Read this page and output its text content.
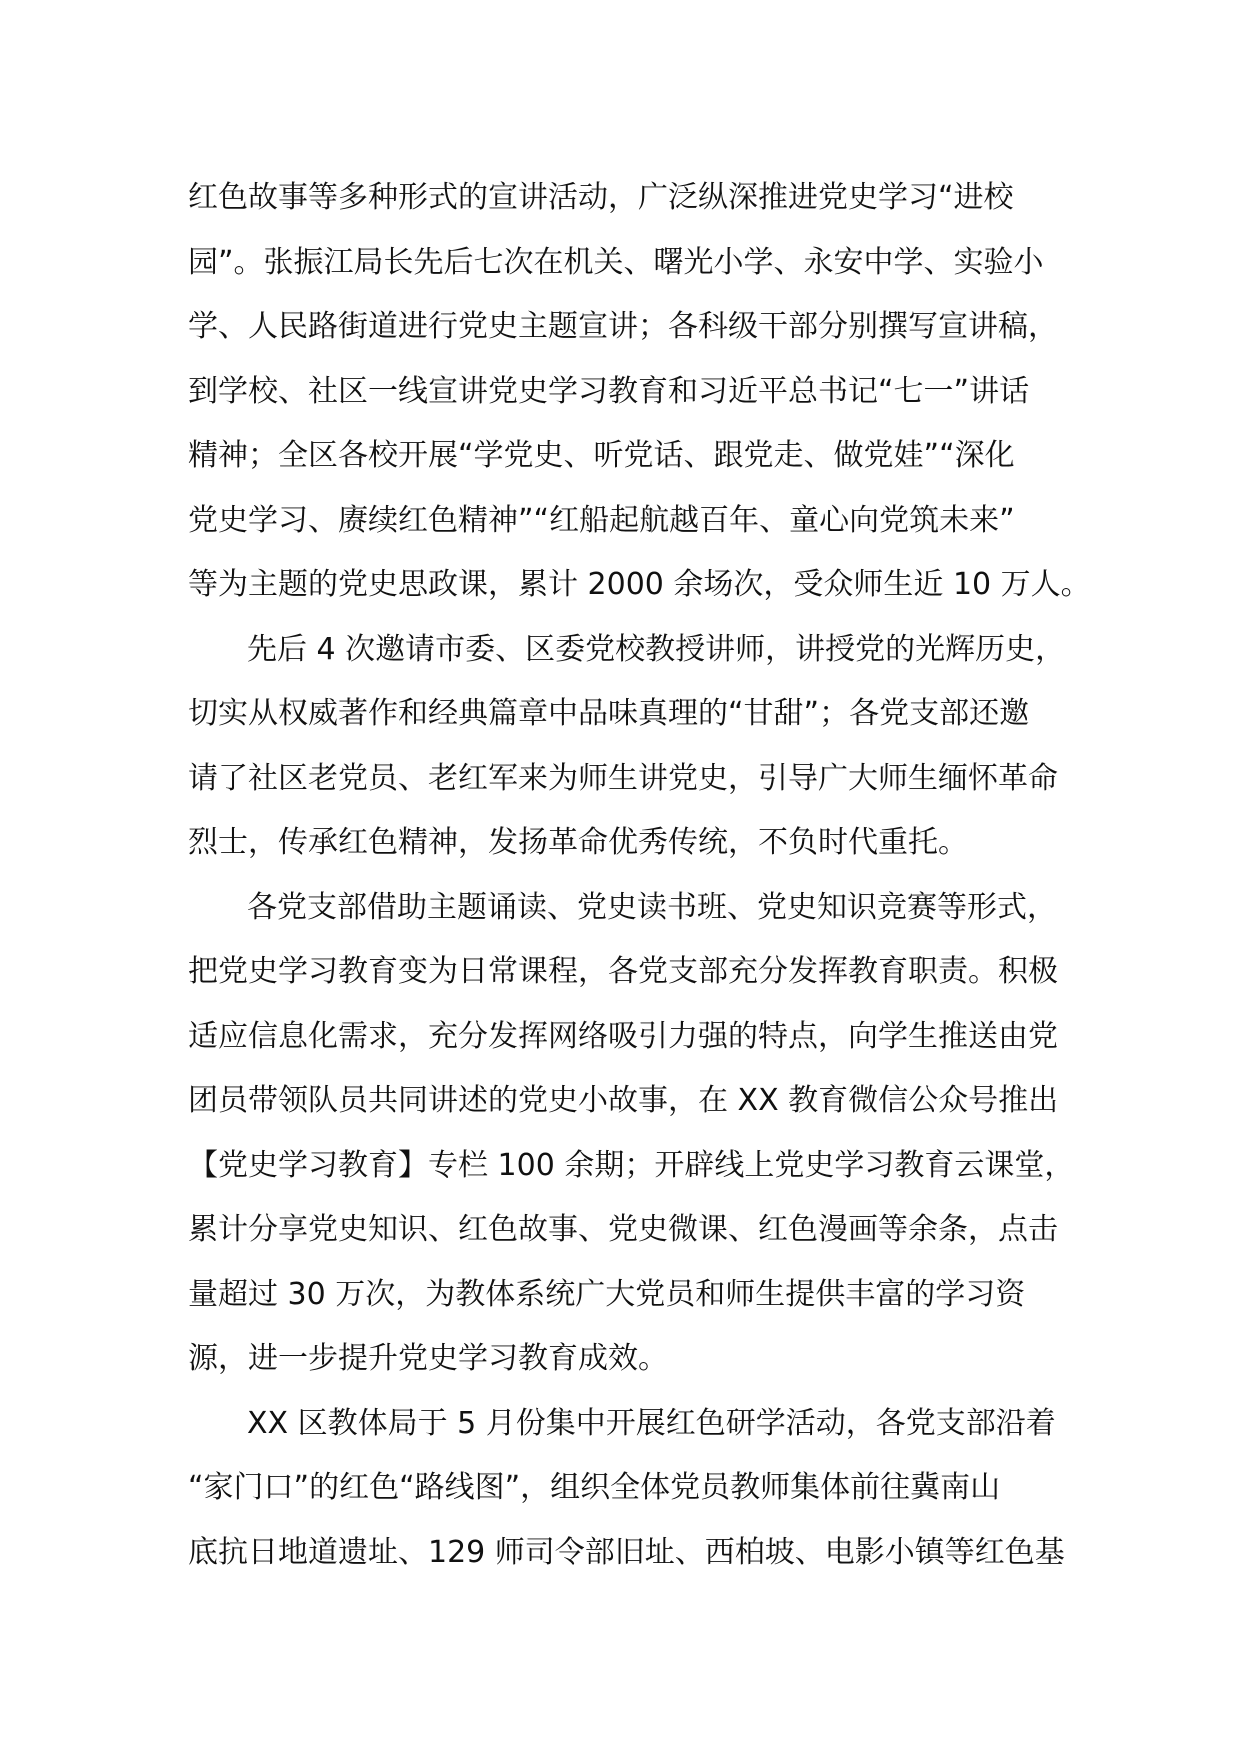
红色故事等多种形式的宣讲活动，广泛纵深推进党史学习“进校
园”。张振江局长先后七次在机关、曙光小学、永安中学、实验小
学、人民路街道进行党史主题宣讲；各科级干部分别撰写宣讲稿，
到学校、社区一线宣讲党史学习教育和习近平总书记“七一”讲话
精神；全区各校开展“学党史、听党话、跟党走、做党娃”“深化
党史学习、赓续红色精神”“红船起航越百年、童心向党筑未来”
等为主题的党史思政课，累计 2000 余场次，受众师生近 10 万人。
先后 4 次邀请市委、区委党校教授讲师，讲授党的光辉历史，
切实从权威著作和经典篇章中品味真理的“甘甜”；各党支部还邀
请了社区老党员、老红军来为师生讲党史，引导广大师生缅怀革命
烈士，传承红色精神，发扬革命优秀传统，不负时代重托。
各党支部借助主题诵读、党史读书班、党史知识竞赛等形式，
把党史学习教育变为日常课程，各党支部充分发挥教育职责。积极
适应信息化需求，充分发挥网络吸引力强的特点，向学生推送由党
团员带领队员共同讲述的党史小故事，在 XX 教育微信公众号推出
【党史学习教育】专栏 100 余期；开辟线上党史学习教育云课堂，
累计分享党史知识、红色故事、党史微课、红色漫画等余条，点击
量超过 30 万次，为教体系统广大党员和师生提供丰富的学习资
源，进一步提升党史学习教育成效。
XX 区教体局于 5 月份集中开展红色研学活动，各党支部沿着
“家门口”的红色“路线图”，组织全体党员教师集体前往冀南山
底抗日地道遗址、129 师司令部旧址、西柏坡、电影小镇等红色基
